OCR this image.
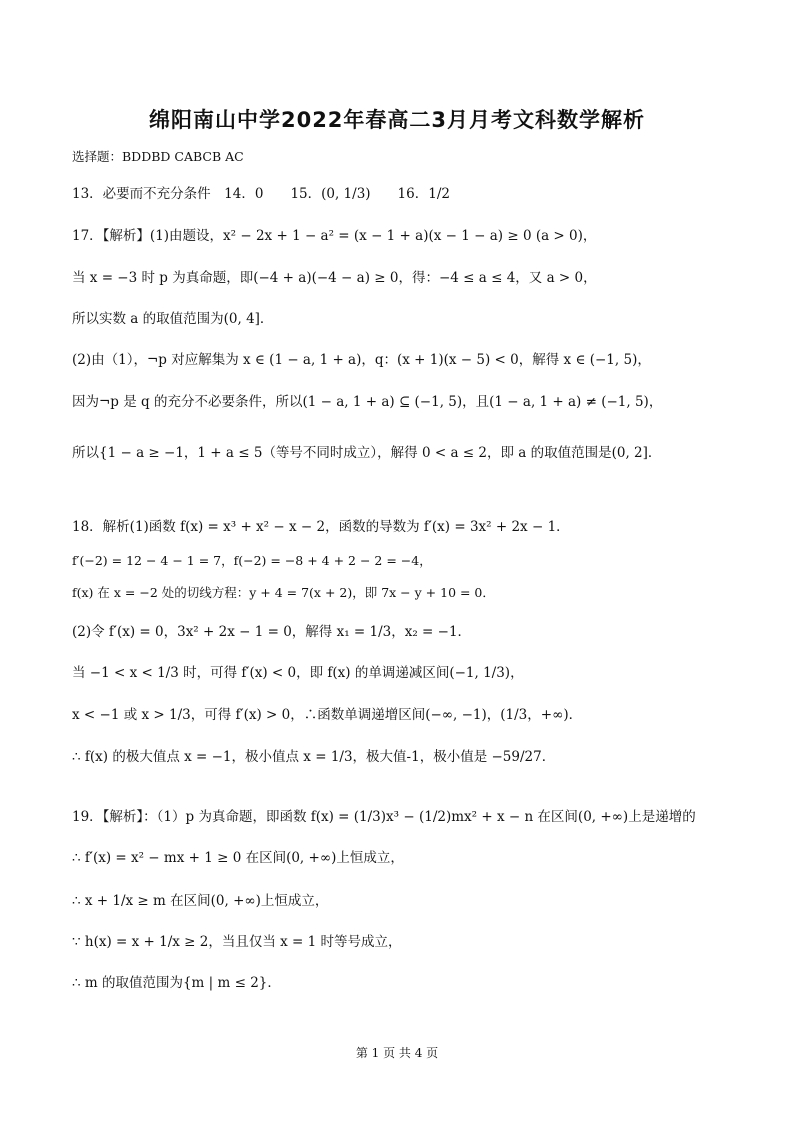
绵阳南山中学2022年春高二3月月考文科数学解析
选择题：BDDBD CABCB AC
13．必要而不充分条件　14．0　　15．(0, 1/3)　　16．1/2
17．【解析】(1)由题设，x² − 2x + 1 − a² = (x − 1 + a)(x − 1 − a) ≥ 0 (a > 0)，
当 x = −3 时 p 为真命题，即(−4 + a)(−4 − a) ≥ 0，得：−4 ≤ a ≤ 4，又 a > 0，
所以实数 a 的取值范围为(0, 4]．
(2)由（1），¬p 对应解集为 x ∈ (1 − a, 1 + a)，q：(x + 1)(x − 5) < 0，解得 x ∈ (−1, 5)，
因为¬p 是 q 的充分不必要条件，所以(1 − a, 1 + a) ⊆ (−1, 5)，且(1 − a, 1 + a) ≠ (−1, 5)，
所以{1 − a ≥ −1，1 + a ≤ 5（等号不同时成立），解得 0 < a ≤ 2，即 a 的取值范围是(0, 2]．
18．解析(1)函数 f(x) = x³ + x² − x − 2，函数的导数为 f′(x) = 3x² + 2x − 1．
f′(−2) = 12 − 4 − 1 = 7，f(−2) = −8 + 4 + 2 − 2 = −4，
f(x) 在 x = −2 处的切线方程：y + 4 = 7(x + 2)，即 7x − y + 10 = 0．
(2)令 f′(x) = 0，3x² + 2x − 1 = 0，解得 x₁ = 1/3，x₂ = −1．
当 −1 < x < 1/3 时，可得 f′(x) < 0，即 f(x) 的单调递减区间(−1, 1/3)，
x < −1 或 x > 1/3，可得 f′(x) > 0，∴函数单调递增区间(−∞, −1)，(1/3，+∞)．
∴ f(x) 的极大值点 x = −1，极小值点 x = 1/3，极大值-1，极小值是 −59/27．
19．【解析】：（1）p 为真命题，即函数 f(x) = (1/3)x³ − (1/2)mx² + x − n 在区间(0, +∞)上是递增的
∴ f′(x) = x² − mx + 1 ≥ 0 在区间(0, +∞)上恒成立，
∴ x + 1/x ≥ m 在区间(0, +∞)上恒成立，
∵ h(x) = x + 1/x ≥ 2，当且仅当 x = 1 时等号成立，
∴ m 的取值范围为{m | m ≤ 2}．
第 1 页 共 4 页
